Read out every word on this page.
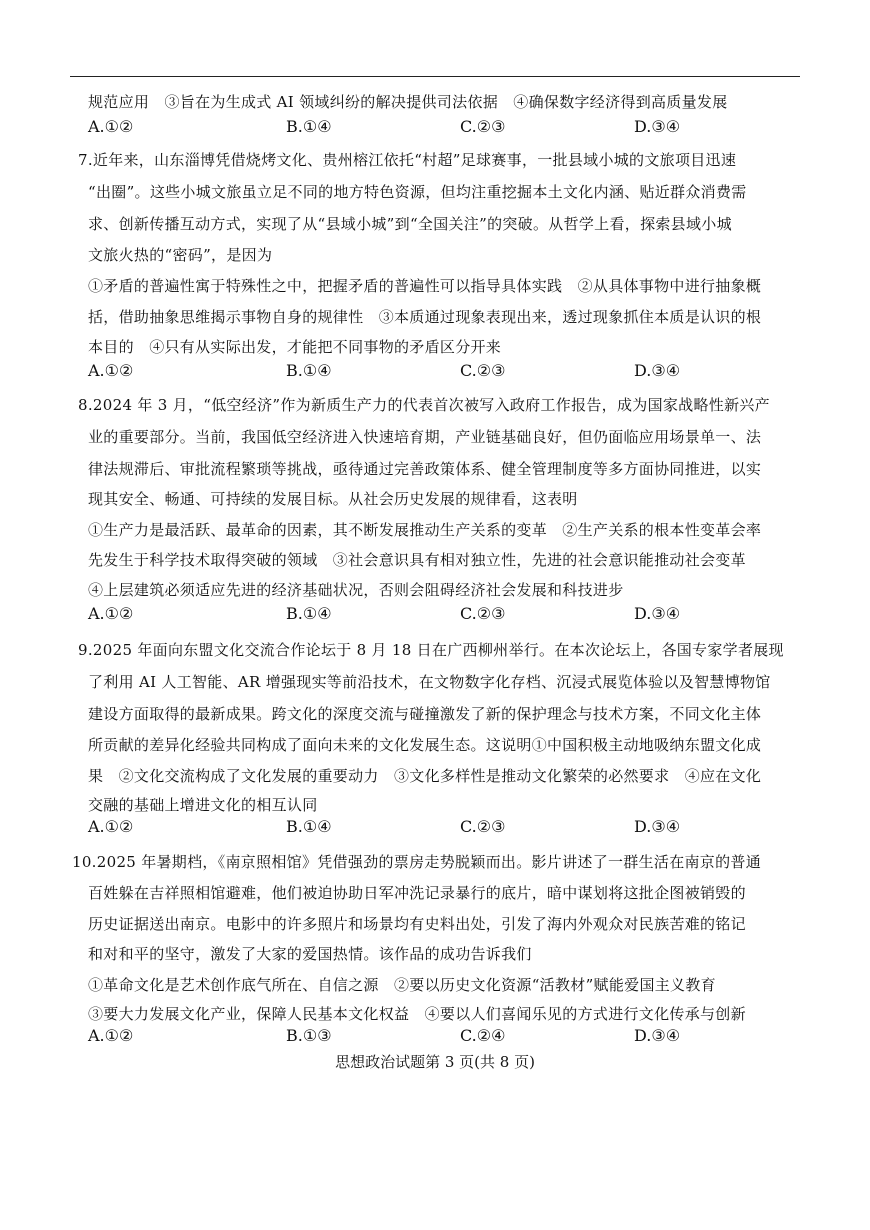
规范应用　③旨在为生成式 AI 领域纠纷的解决提供司法依据　④确保数字经济得到高质量发展
A.①②	B.①④	C.②③	D.③④
7.近年来，山东淄博凭借烧烤文化、贵州榕江依托“村超”足球赛事，一批县域小城的文旅项目迅速
“出圈”。这些小城文旅虽立足不同的地方特色资源，但均注重挖掘本土文化内涵、贴近群众消费需
求、创新传播互动方式，实现了从“县域小城”到“全国关注”的突破。从哲学上看，探索县域小城
文旅火热的“密码”，是因为
①矛盾的普遍性寓于特殊性之中，把握矛盾的普遍性可以指导具体实践　②从具体事物中进行抽象概
括，借助抽象思维揭示事物自身的规律性　③本质通过现象表现出来，透过现象抓住本质是认识的根
本目的　④只有从实际出发，才能把不同事物的矛盾区分开来
A.①②	B.①④	C.②③	D.③④
8.2024 年 3 月，“低空经济”作为新质生产力的代表首次被写入政府工作报告，成为国家战略性新兴产
业的重要部分。当前，我国低空经济进入快速培育期，产业链基础良好，但仍面临应用场景单一、法
律法规滞后、审批流程繁琐等挑战，亟待通过完善政策体系、健全管理制度等多方面协同推进，以实
现其安全、畅通、可持续的发展目标。从社会历史发展的规律看，这表明
①生产力是最活跃、最革命的因素，其不断发展推动生产关系的变革　②生产关系的根本性变革会率
先发生于科学技术取得突破的领域　③社会意识具有相对独立性，先进的社会意识能推动社会变革
④上层建筑必须适应先进的经济基础状况，否则会阻碍经济社会发展和科技进步
A.①②	B.①④	C.②③	D.③④
9.2025 年面向东盟文化交流合作论坛于 8 月 18 日在广西柳州举行。在本次论坛上，各国专家学者展现
了利用 AI 人工智能、AR 增强现实等前沿技术，在文物数字化存档、沉浸式展览体验以及智慧博物馆
建设方面取得的最新成果。跨文化的深度交流与碰撞激发了新的保护理念与技术方案，不同文化主体
所贡献的差异化经验共同构成了面向未来的文化发展生态。这说明①中国积极主动地吸纳东盟文化成
果　②文化交流构成了文化发展的重要动力　③文化多样性是推动文化繁荣的必然要求　④应在文化
交融的基础上增进文化的相互认同
A.①②	B.①④	C.②③	D.③④
10.2025 年暑期档，《南京照相馆》凭借强劲的票房走势脱颖而出。影片讲述了一群生活在南京的普通
百姓躲在吉祥照相馆避难，他们被迫协助日军冲洗记录暴行的底片，暗中谋划将这批企图被销毁的
历史证据送出南京。电影中的许多照片和场景均有史料出处，引发了海内外观众对民族苦难的铭记
和对和平的坚守，激发了大家的爱国热情。该作品的成功告诉我们
①革命文化是艺术创作底气所在、自信之源　②要以历史文化资源“活教材”赋能爱国主义教育
③要大力发展文化产业，保障人民基本文化权益　④要以人们喜闻乐见的方式进行文化传承与创新
A.①②	B.①③	C.②④	D.③④
思想政治试题第 3 页(共 8 页)
